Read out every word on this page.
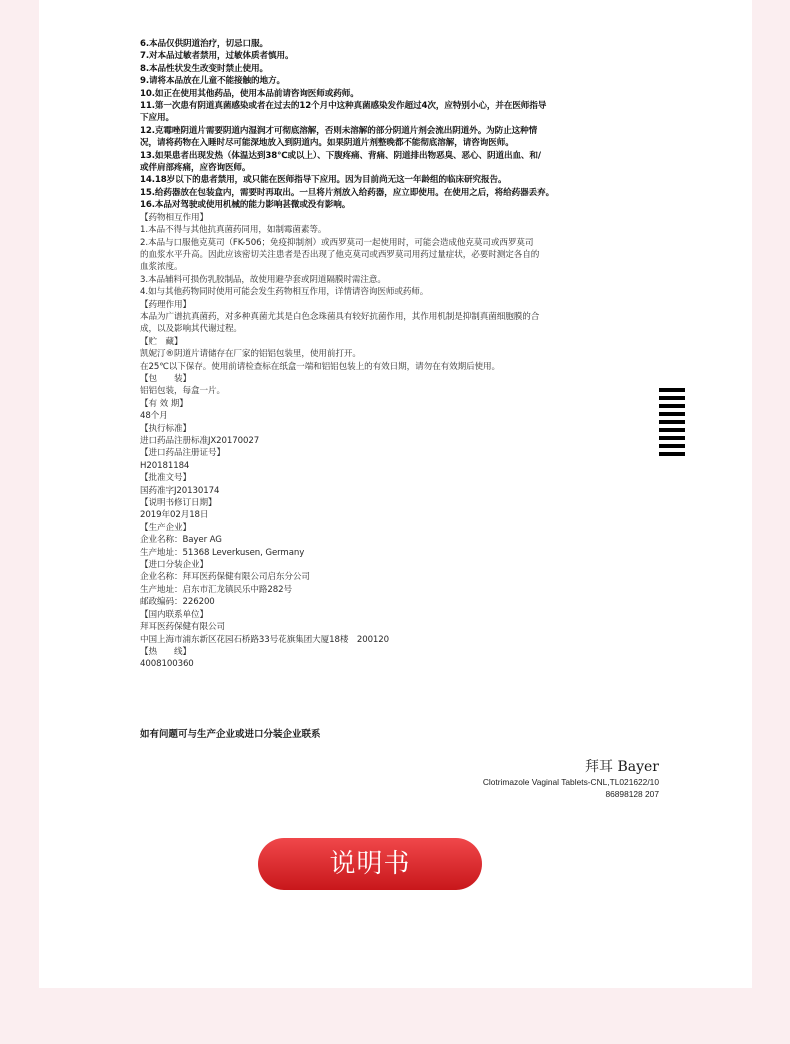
6.本品仅供阴道治疗，切忌口服。
7.对本品过敏者禁用，过敏体质者慎用。
8.本品性状发生改变时禁止使用。
9.请将本品放在儿童不能接触的地方。
10.如正在使用其他药品，使用本品前请咨询医师或药师。
11.第一次患有阴道真菌感染或者在过去的12个月中这种真菌感染发作超过4次，应特别小心，并在医师指导
下应用。
12.克霉唑阴道片需要阴道内湿润才可彻底溶解，否则未溶解的部分阴道片剂会流出阴道外。为防止这种情
况，请将药物在入睡时尽可能深地放入到阴道内。如果阴道片剂整晚都不能彻底溶解，请咨询医师。
13.如果患者出现发热（体温达到38℃或以上）、下腹疼痛、背痛、阴道排出物恶臭、恶心、阴道出血、和/
或伴肩部疼痛，应咨询医师。
14.18岁以下的患者禁用，或只能在医师指导下应用。因为目前尚无这一年龄组的临床研究报告。
15.给药器放在包装盒内，需要时再取出。一旦将片剂放入给药器，应立即使用。在使用之后，将给药器丢弃。
16.本品对驾驶或使用机械的能力影响甚微或没有影响。
【药物相互作用】
1.本品不得与其他抗真菌药同用，如制霉菌素等。
2.本品与口服他克莫司（FK-506；免疫抑制剂）或西罗莫司一起使用时，可能会造成他克莫司或西罗莫司
的血浆水平升高。因此应该密切关注患者是否出现了他克莫司或西罗莫司用药过量症状，必要时测定各自的
血浆浓度。
3.本品辅料可损伤乳胶制品，故使用避孕套或阴道隔膜时需注意。
4.如与其他药物同时使用可能会发生药物相互作用，详情请咨询医师或药师。
【药理作用】
本品为广谱抗真菌药，对多种真菌尤其是白色念珠菌具有较好抗菌作用，其作用机制是抑制真菌细胞膜的合
成，以及影响其代谢过程。
【贮　藏】
凯妮汀®阴道片请储存在厂家的铝铝包装里，使用前打开。
在25℃以下保存。使用前请检查标在纸盒一端和铝铝包装上的有效日期，请勿在有效期后使用。
【包　　装】
铝铝包装，每盒一片。
【有 效 期】
48个月
【执行标准】
进口药品注册标准JX20170027
【进口药品注册证号】
H20181184
【批准文号】
国药准字J20130174
【说明书修订日期】
2019年02月18日
【生产企业】
企业名称：Bayer AG
生产地址：51368 Leverkusen, Germany
【进口分装企业】
企业名称：拜耳医药保健有限公司启东分公司
生产地址：启东市汇龙镇民乐中路282号
邮政编码：226200
【国内联系单位】
拜耳医药保健有限公司
中国上海市浦东新区花园石桥路33号花旗集团大厦18楼　200120
【热　　线】
4008100360
如有问题可与生产企业或进口分装企业联系
拜耳 Bayer
Clotrimazole Vaginal Tablets-CNL,TL021622/10
86898128 207
说明书
